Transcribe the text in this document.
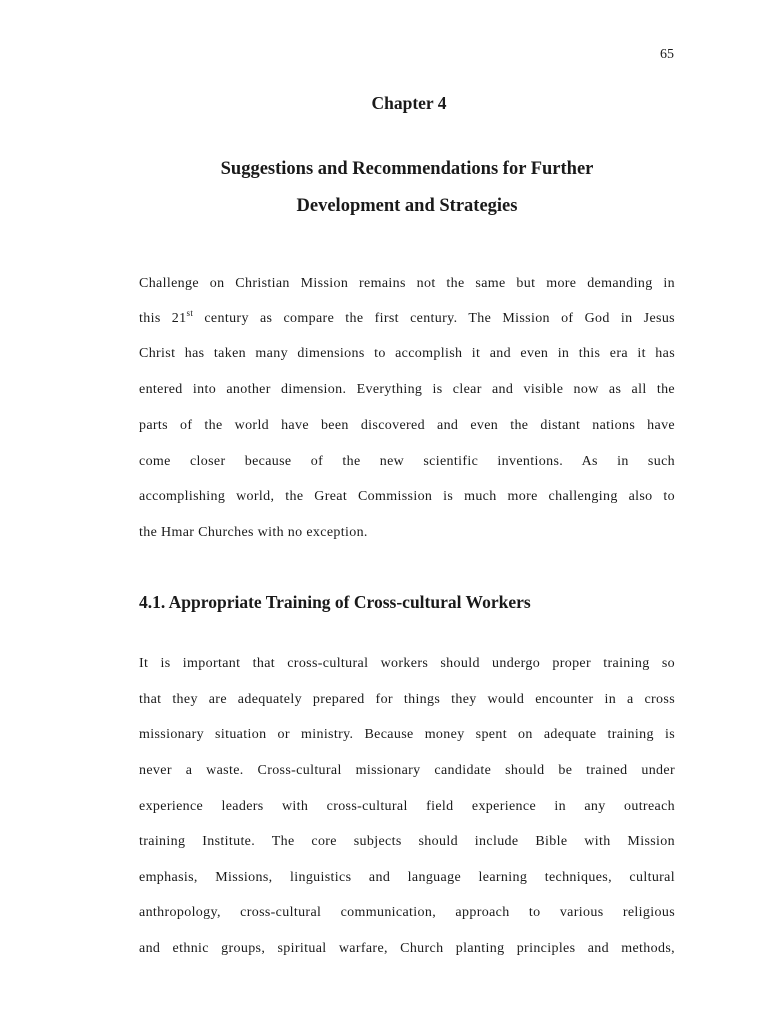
65
Chapter 4
Suggestions and Recommendations for Further
Development and Strategies
Challenge on Christian Mission remains not the same but more demanding in
this 21st century as compare the first century. The Mission of God in Jesus
Christ has taken many dimensions to accomplish it and even in this era it has
entered into another dimension. Everything is clear and visible now as all the
parts of the world have been discovered and even the distant nations have
come closer because of the new scientific inventions. As in such
accomplishing world, the Great Commission is much more challenging also to
the Hmar Churches with no exception.
4.1. Appropriate Training of Cross-cultural Workers
It is important that cross-cultural workers should undergo proper training so
that they are adequately prepared for things they would encounter in a cross
missionary situation or ministry. Because money spent on adequate training is
never a waste. Cross-cultural missionary candidate should be trained under
experience leaders with cross-cultural field experience in any outreach
training Institute. The core subjects should include Bible with Mission
emphasis, Missions, linguistics and language learning techniques, cultural
anthropology, cross-cultural communication, approach to various religious
and ethnic groups, spiritual warfare, Church planting principles and methods,
